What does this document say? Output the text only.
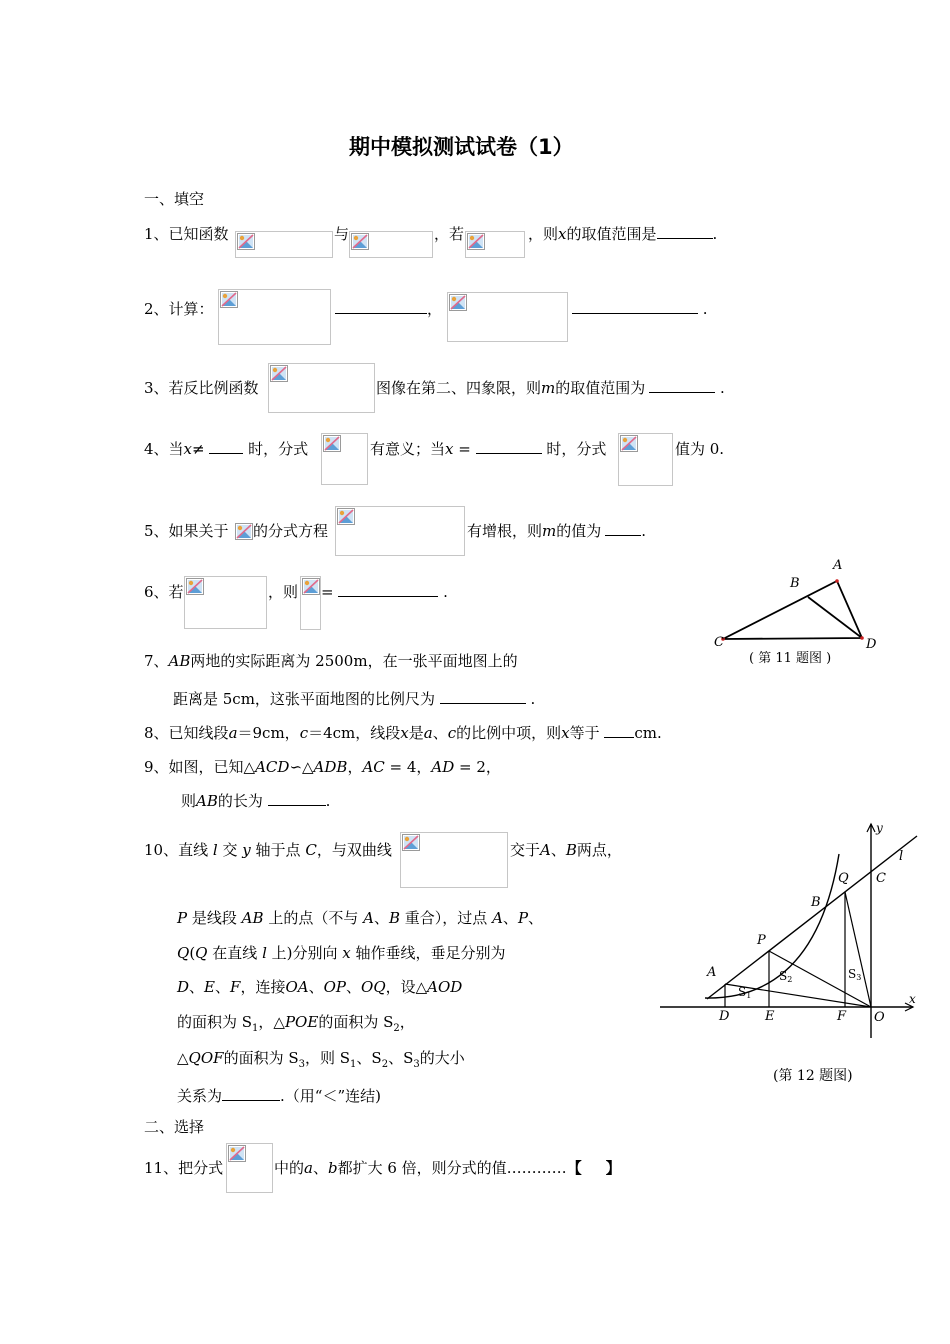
期中模拟测试试卷（1）
一、填空
1、已知函数	与	，若	，则x的取值范围是	.
2、计算：	，	.
3、若反比例函数	图像在第二、四象限，则m的取值范围为	.
4、当x≠	时，分式	有意义；当x =	时，分式	值为 0.
5、如果关于 的分式方程	有增根，则m的值为	.
6、若	，则 =	.
A
B
C	D
( 第 11 题图 )
7、AB两地的实际距离为 2500m，在一张平面地图上的
距离是 5cm，这张平面地图的比例尺为	.
8、已知线段a＝9cm，c＝4cm，线段x是a、c的比例中项，则x等于 cm.
9、如图，已知△ACD∽△ADB，AC = 4，AD = 2，
则AB的长为	.
10、直线 l 交 y 轴于点 C，与双曲线	交于A、B两点，
P 是线段 AB 上的点（不与 A、B 重合），过点 A、P、
Q(Q 在直线 l 上)分别向 x 轴作垂线，垂足分别为
D、E、F，连接OA、OP、OQ，设△AOD
的面积为 $S_1$，△POE的面积为 $S_2$，
△QOF的面积为 $S_3$，则 $S_1$、$S_2$、$S_3$的大小
关系为	.（用“＜”连结)
y
x
l
Q C
B
P
A
S1
S2	S3
D	E	F O
(第 12 题图)
二、选择
11、把分式	中的a、b都扩大 6 倍，则分式的值…………【 】
